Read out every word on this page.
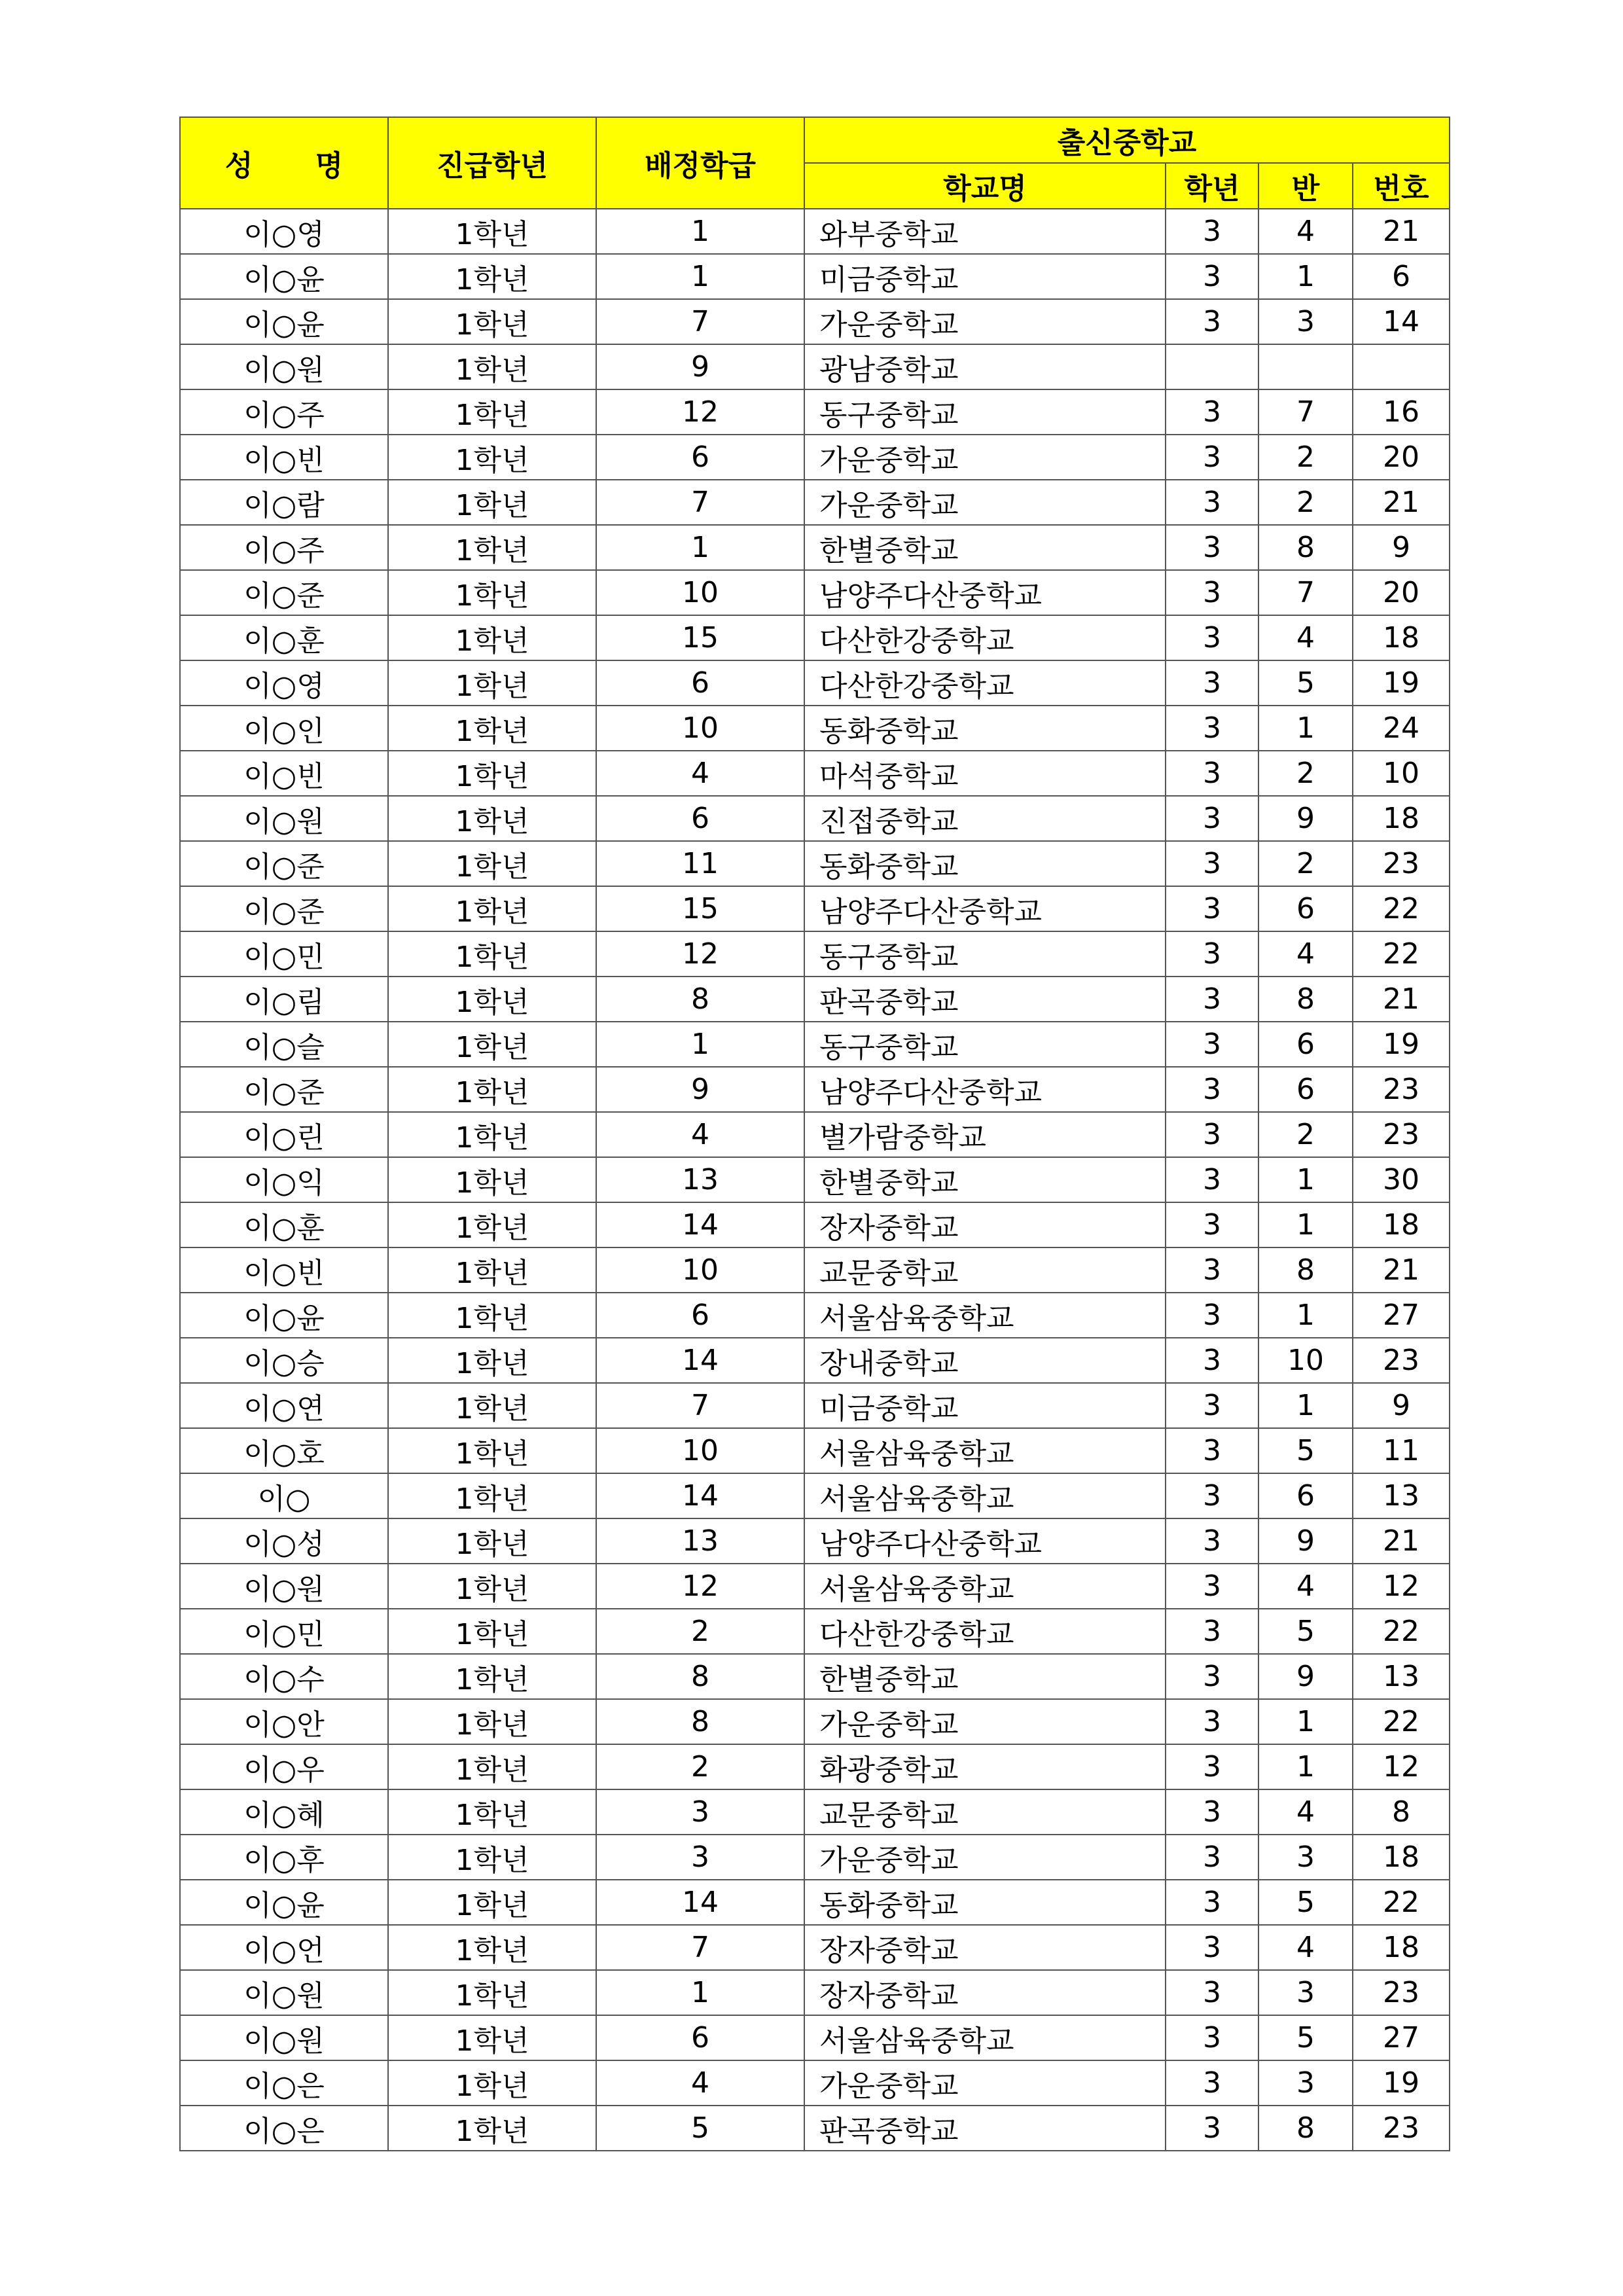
성 명	진급학년	배정학급	출신중학교			
			학교명	학년	반	번호
이○영	1학년	1	와부중학교	3	4	21
이○윤	1학년	1	미금중학교	3	1	6
이○윤	1학년	7	가운중학교	3	3	14
이○원	1학년	9	광남중학교			
이○주	1학년	12	동구중학교	3	7	16
이○빈	1학년	6	가운중학교	3	2	20
이○람	1학년	7	가운중학교	3	2	21
이○주	1학년	1	한별중학교	3	8	9
이○준	1학년	10	남양주다산중학교	3	7	20
이○훈	1학년	15	다산한강중학교	3	4	18
이○영	1학년	6	다산한강중학교	3	5	19
이○인	1학년	10	동화중학교	3	1	24
이○빈	1학년	4	마석중학교	3	2	10
이○원	1학년	6	진접중학교	3	9	18
이○준	1학년	11	동화중학교	3	2	23
이○준	1학년	15	남양주다산중학교	3	6	22
이○민	1학년	12	동구중학교	3	4	22
이○림	1학년	8	판곡중학교	3	8	21
이○슬	1학년	1	동구중학교	3	6	19
이○준	1학년	9	남양주다산중학교	3	6	23
이○린	1학년	4	별가람중학교	3	2	23
이○익	1학년	13	한별중학교	3	1	30
이○훈	1학년	14	장자중학교	3	1	18
이○빈	1학년	10	교문중학교	3	8	21
이○윤	1학년	6	서울삼육중학교	3	1	27
이○승	1학년	14	장내중학교	3	10	23
이○연	1학년	7	미금중학교	3	1	9
이○호	1학년	10	서울삼육중학교	3	5	11
이○	1학년	14	서울삼육중학교	3	6	13
이○성	1학년	13	남양주다산중학교	3	9	21
이○원	1학년	12	서울삼육중학교	3	4	12
이○민	1학년	2	다산한강중학교	3	5	22
이○수	1학년	8	한별중학교	3	9	13
이○안	1학년	8	가운중학교	3	1	22
이○우	1학년	2	화광중학교	3	1	12
이○혜	1학년	3	교문중학교	3	4	8
이○후	1학년	3	가운중학교	3	3	18
이○윤	1학년	14	동화중학교	3	5	22
이○언	1학년	7	장자중학교	3	4	18
이○원	1학년	1	장자중학교	3	3	23
이○원	1학년	6	서울삼육중학교	3	5	27
이○은	1학년	4	가운중학교	3	3	19
이○은	1학년	5	판곡중학교	3	8	23
